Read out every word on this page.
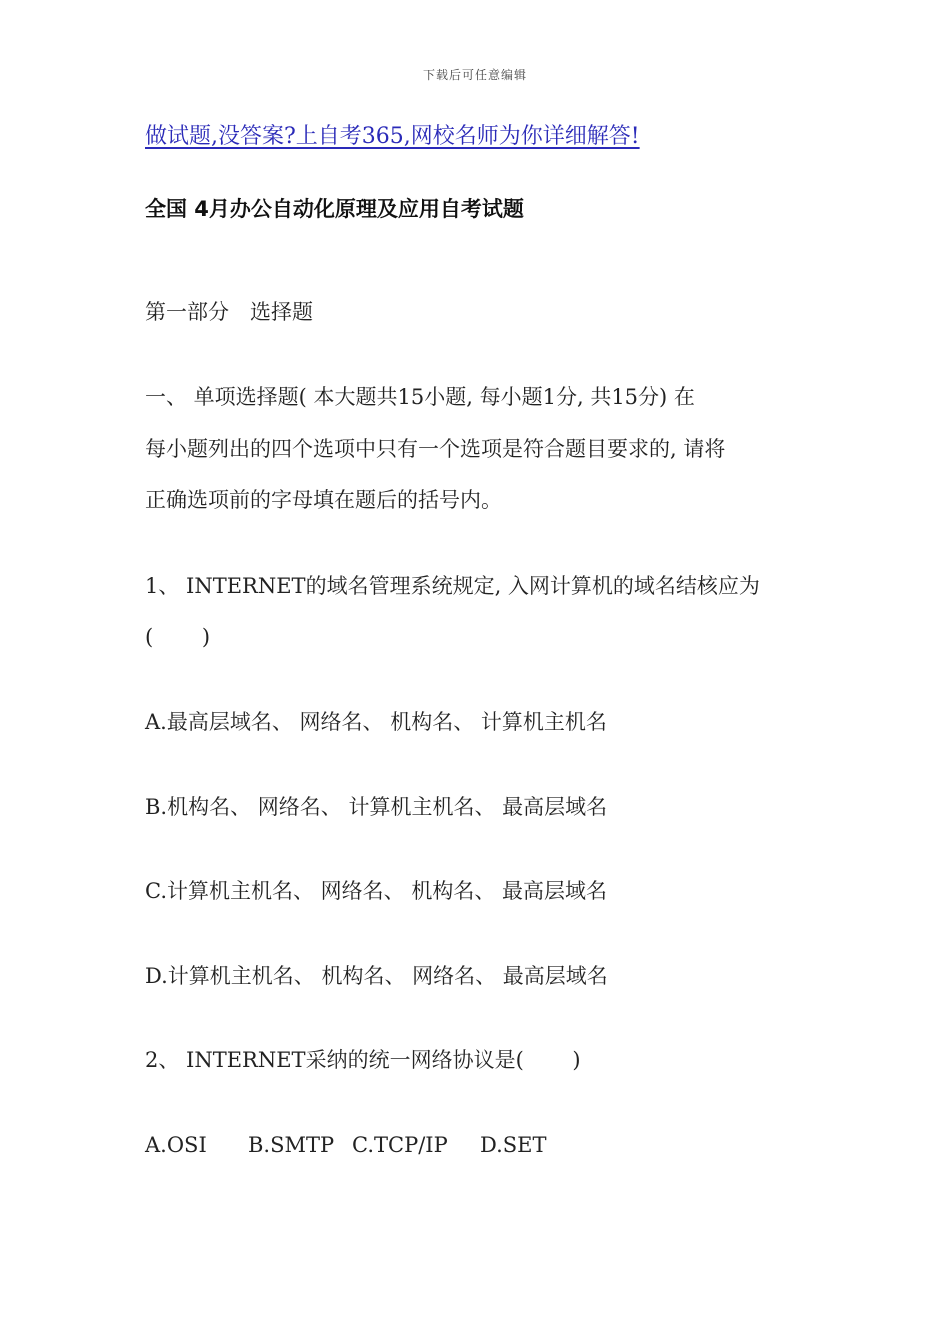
下载后可任意编辑
做试题,没答案?上自考365,网校名师为你详细解答!
全国 4月办公自动化原理及应用自考试题
第一部分　选择题
一、 单项选择题( 本大题共15小题, 每小题1分, 共15分) 在
每小题列出的四个选项中只有一个选项是符合题目要求的, 请将
正确选项前的字母填在题后的括号内。
1、 INTERNET的域名管理系统规定, 入网计算机的域名结核应为
(　　 )
A.最高层域名、 网络名、 机构名、 计算机主机名
B.机构名、 网络名、 计算机主机名、 最高层域名
C.计算机主机名、 网络名、 机构名、 最高层域名
D.计算机主机名、 机构名、 网络名、 最高层域名
2、 INTERNET采纳的统一网络协议是(　　 )
A.OSI B.SMTP C.TCP/IP D.SET
